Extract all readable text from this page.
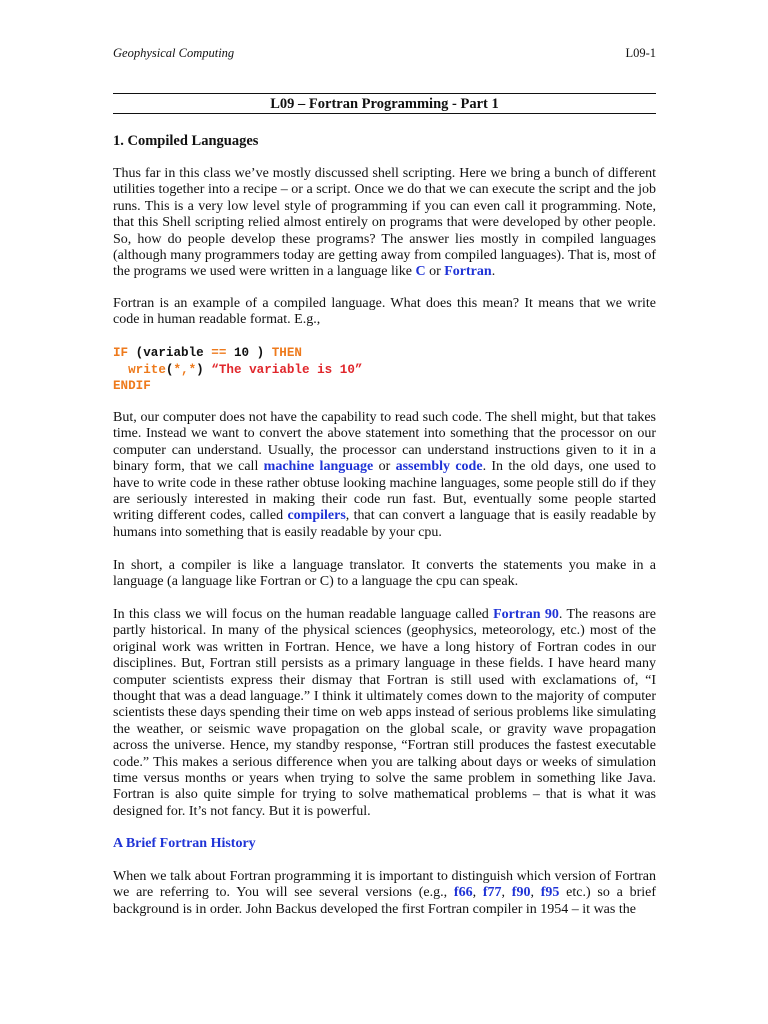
Geophysical Computing	L09-1
L09 – Fortran Programming - Part 1
1. Compiled Languages
Thus far in this class we’ve mostly discussed shell scripting. Here we bring a bunch of different utilities together into a recipe – or a script. Once we do that we can execute the script and the job runs. This is a very low level style of programming if you can even call it programming. Note, that this Shell scripting relied almost entirely on programs that were developed by other people. So, how do people develop these programs? The answer lies mostly in compiled languages (although many programmers today are getting away from compiled languages). That is, most of the programs we used were written in a language like C or Fortran.
Fortran is an example of a compiled language. What does this mean? It means that we write code in human readable format. E.g.,
IF (variable == 10 ) THEN
write(*,*) “The variable is 10”
ENDIF
But, our computer does not have the capability to read such code. The shell might, but that takes time. Instead we want to convert the above statement into something that the processor on our computer can understand. Usually, the processor can understand instructions given to it in a binary form, that we call machine language or assembly code. In the old days, one used to have to write code in these rather obtuse looking machine languages, some people still do if they are seriously interested in making their code run fast. But, eventually some people started writing different codes, called compilers, that can convert a language that is easily readable by humans into something that is easily readable by your cpu.
In short, a compiler is like a language translator. It converts the statements you make in a language (a language like Fortran or C) to a language the cpu can speak.
In this class we will focus on the human readable language called Fortran 90. The reasons are partly historical. In many of the physical sciences (geophysics, meteorology, etc.) most of the original work was written in Fortran. Hence, we have a long history of Fortran codes in our disciplines. But, Fortran still persists as a primary language in these fields. I have heard many computer scientists express their dismay that Fortran is still used with exclamations of, “I thought that was a dead language.” I think it ultimately comes down to the majority of computer scientists these days spending their time on web apps instead of serious problems like simulating the weather, or seismic wave propagation on the global scale, or gravity wave propagation across the universe. Hence, my standby response, “Fortran still produces the fastest executable code.” This makes a serious difference when you are talking about days or weeks of simulation time versus months or years when trying to solve the same problem in something like Java. Fortran is also quite simple for trying to solve mathematical problems – that is what it was designed for. It’s not fancy. But it is powerful.
A Brief Fortran History
When we talk about Fortran programming it is important to distinguish which version of Fortran we are referring to. You will see several versions (e.g., f66, f77, f90, f95 etc.) so a brief background is in order. John Backus developed the first Fortran compiler in 1954 – it was the
